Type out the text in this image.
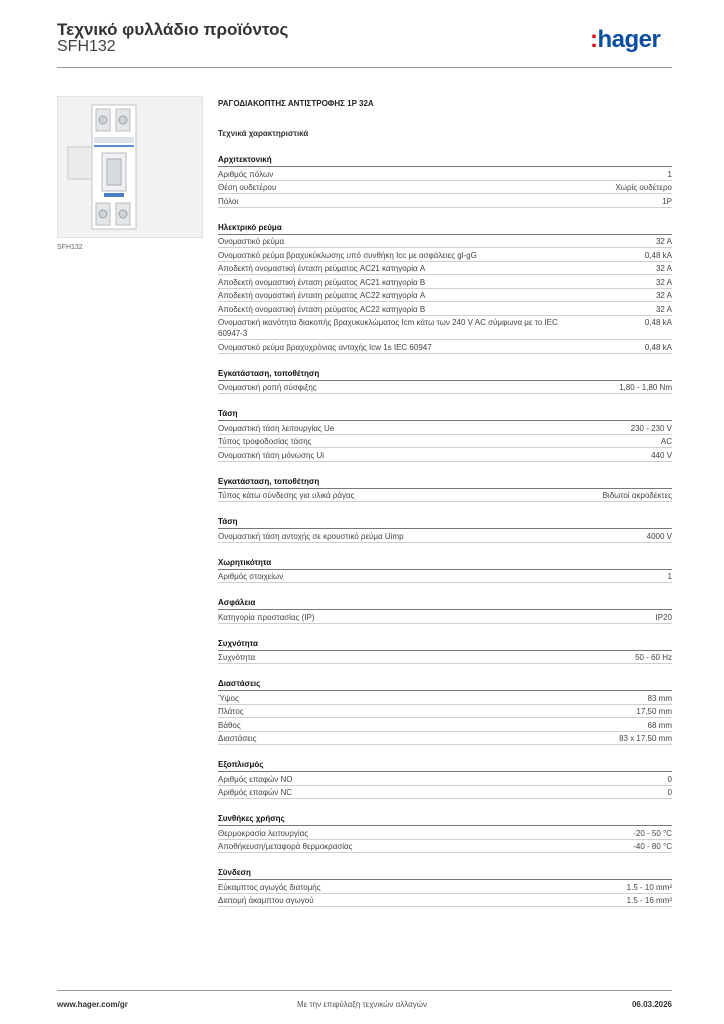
Τεχνικό φυλλάδιο προϊόντος
SFH132	:hager
SFH132
ΡΑΓΟΔΙΑΚΟΠΤΗΣ ΑΝΤΙΣΤΡΟΦΗΣ 1P 32A
Τεχνικά χαρακτηριστικά
Αρχιτεκτονική
Αριθμός πόλων	1
Θέση ουδετέρου	Χωρίς ουδέτερο
Πόλοι	1P
Ηλεκτρικό ρεύμα
Ονομαστικό ρεύμα	32 A
Ονομαστικό ρεύμα βραχυκύκλωσης υπό συνθήκη Icc με ασφάλειες gl-gG	0,48 kA
Αποδεκτή ονομαστική ένταση ρεύματος AC21 κατηγορία A	32 A
Αποδεκτή ονομαστική ένταση ρεύματος AC21 κατηγορία B	32 A
Αποδεκτή ονομαστική ένταση ρεύματος AC22 κατηγορία A	32 A
Αποδεκτή ονομαστική ένταση ρεύματος AC22 κατηγορία B	32 A
Ονομαστική ικανότητα διακοπής βραχυκυκλώματος Icm κάτω των 240 V AC σύμφωνα με το IEC 60947-3
0,48 kA
Ονομαστικό ρεύμα βραχυχρόνιας αντοχής Icw 1s IEC 60947	0,48 kA
Εγκατάσταση, τοποθέτηση
Ονομαστική ροπή σύσφιξης	1,80 - 1,80 Nm
Τάση
Ονομαστική τάση λειτουργίας Ue	230 - 230 V
Τύπος τροφοδοσίας τάσης	AC
Ονομαστική τάση μόνωσης Ui	440 V
Εγκατάσταση, τοποθέτηση
Τύπος κάτω σύνδεσης για υλικά ράγας	Βιδωτοί ακροδέκτες
Τάση
Ονομαστική τάση αντοχής σε κρουστικό ρεύμα Uimp	4000 V
Χωρητικότητα
Αριθμός στοιχείων	1
Ασφάλεια
Κατηγορία προστασίας (IP)	IP20
Συχνότητα
Συχνότητα	50 - 60 Hz
Διαστάσεις
Ύψος	83 mm
Πλάτος	17,50 mm
Βάθος	68 mm
Διαστάσεις	83 x 17.50 mm
Εξοπλισμός
Αριθμός επαφών NO	0
Αριθμός επαφών NC	0
Συνθήκες χρήσης
Θερμοκρασία λειτουργίας	-20 - 50 °C
Αποθήκευση/μεταφορά θερμοκρασίας	-40 - 80 °C
Σύνδεση
Εύκαμπτος αγωγός διατομής	1.5 - 10 mm²
Διατομή άκαμπτου αγωγού	1.5 - 16 mm²
www.hager.com/gr	Με την επιφύλαξη τεχνικών αλλαγών	06.03.2026
